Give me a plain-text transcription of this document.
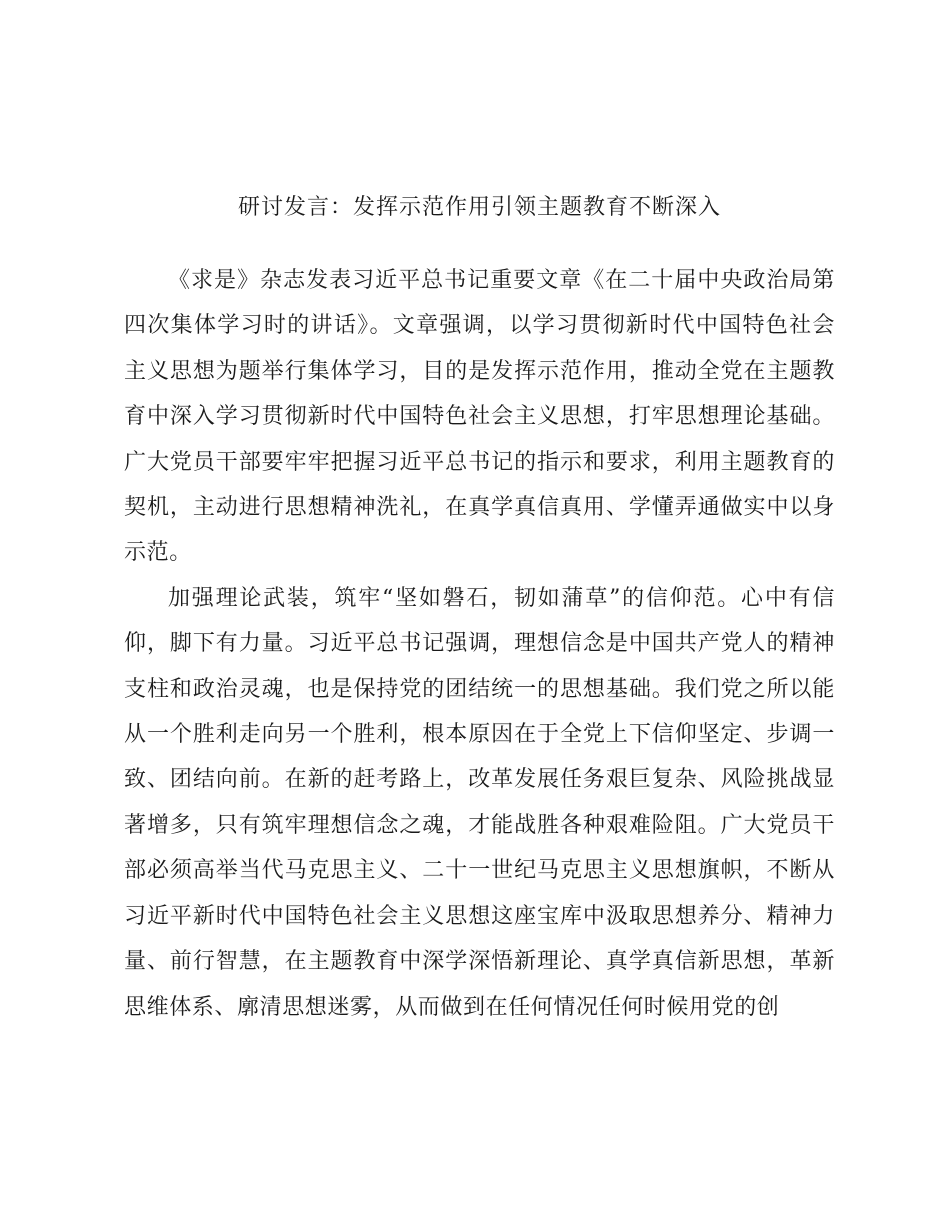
研讨发言：发挥示范作用引领主题教育不断深入

《求是》杂志发表习近平总书记重要文章《在二十届中央政治局第四次集体学习时的讲话》。文章强调，以学习贯彻新时代中国特色社会主义思想为题举行集体学习，目的是发挥示范作用，推动全党在主题教育中深入学习贯彻新时代中国特色社会主义思想，打牢思想理论基础。广大党员干部要牢牢把握习近平总书记的指示和要求，利用主题教育的契机，主动进行思想精神洗礼，在真学真信真用、学懂弄通做实中以身示范。

加强理论武装，筑牢“坚如磐石，韧如蒲草”的信仰范。心中有信仰，脚下有力量。习近平总书记强调，理想信念是中国共产党人的精神支柱和政治灵魂，也是保持党的团结统一的思想基础。我们党之所以能从一个胜利走向另一个胜利，根本原因在于全党上下信仰坚定、步调一致、团结向前。在新的赶考路上，改革发展任务艰巨复杂、风险挑战显著增多，只有筑牢理想信念之魂，才能战胜各种艰难险阻。广大党员干部必须高举当代马克思主义、二十一世纪马克思主义思想旗帜，不断从习近平新时代中国特色社会主义思想这座宝库中汲取思想养分、精神力量、前行智慧，在主题教育中深学深悟新理论、真学真信新思想，革新思维体系、廓清思想迷雾，从而做到在任何情况任何时候用党的创
